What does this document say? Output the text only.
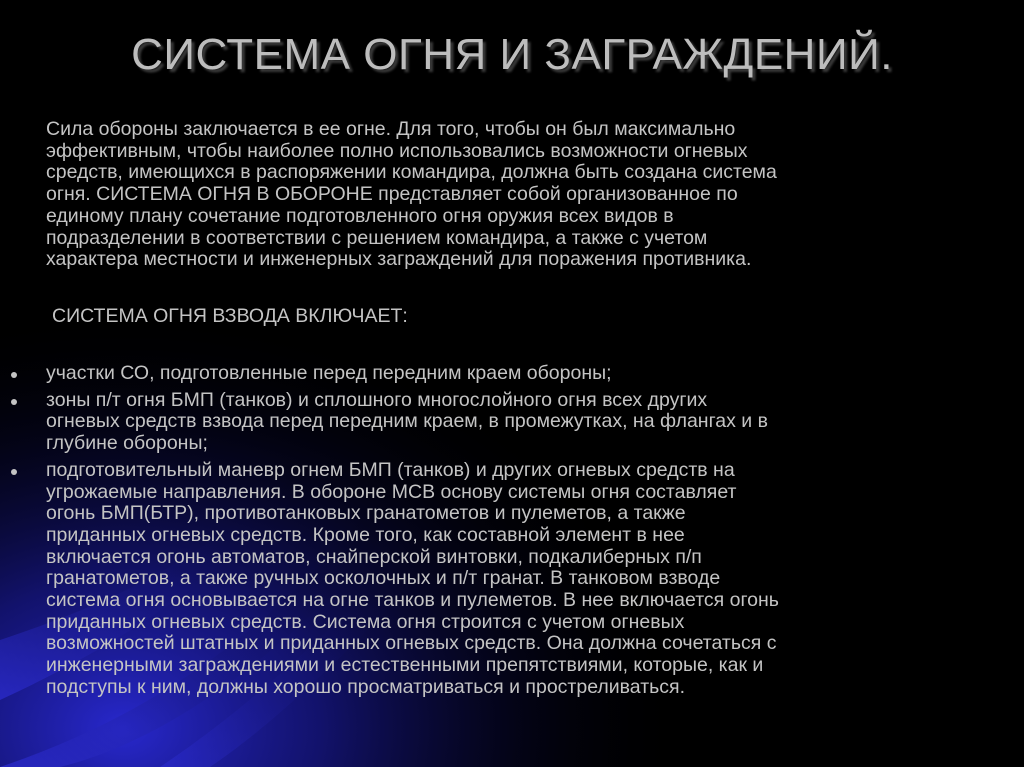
СИСТЕМА ОГНЯ И ЗАГРАЖДЕНИЙ.
Сила обороны заключается в ее огне. Для того, чтобы он был максимально
эффективным, чтобы наиболее полно использовались возможности огневых
средств, имеющихся в распоряжении командира, должна быть создана система
огня. СИСТЕМА ОГНЯ В ОБОРОНЕ представляет собой организованное по
единому плану сочетание подготовленного огня оружия всех видов в
подразделении в соответствии с решением командира, а также с учетом
характера местности и инженерных заграждений для поражения противника.
СИСТЕМА ОГНЯ ВЗВОДА ВКЛЮЧАЕТ:
участки СО, подготовленные перед передним краем обороны;
зоны п/т огня БМП (танков) и сплошного многослойного огня всех других
огневых средств взвода перед передним краем, в промежутках, на флангах и в
глубине обороны;
подготовительный маневр огнем БМП (танков) и других огневых средств на
угрожаемые направления. В обороне МСВ основу системы огня составляет
огонь БМП(БТР), противотанковых гранатометов и пулеметов, а также
приданных огневых средств. Кроме того, как составной элемент в нее
включается огонь автоматов, снайперской винтовки, подкалиберных п/п
гранатометов, а также ручных осколочных и п/т гранат. В танковом взводе
система огня основывается на огне танков и пулеметов. В нее включается огонь
приданных огневых средств. Система огня строится с учетом огневых
возможностей штатных и приданных огневых средств. Она должна сочетаться с
инженерными заграждениями и естественными препятствиями, которые, как и
подступы к ним, должны хорошо просматриваться и простреливаться.
